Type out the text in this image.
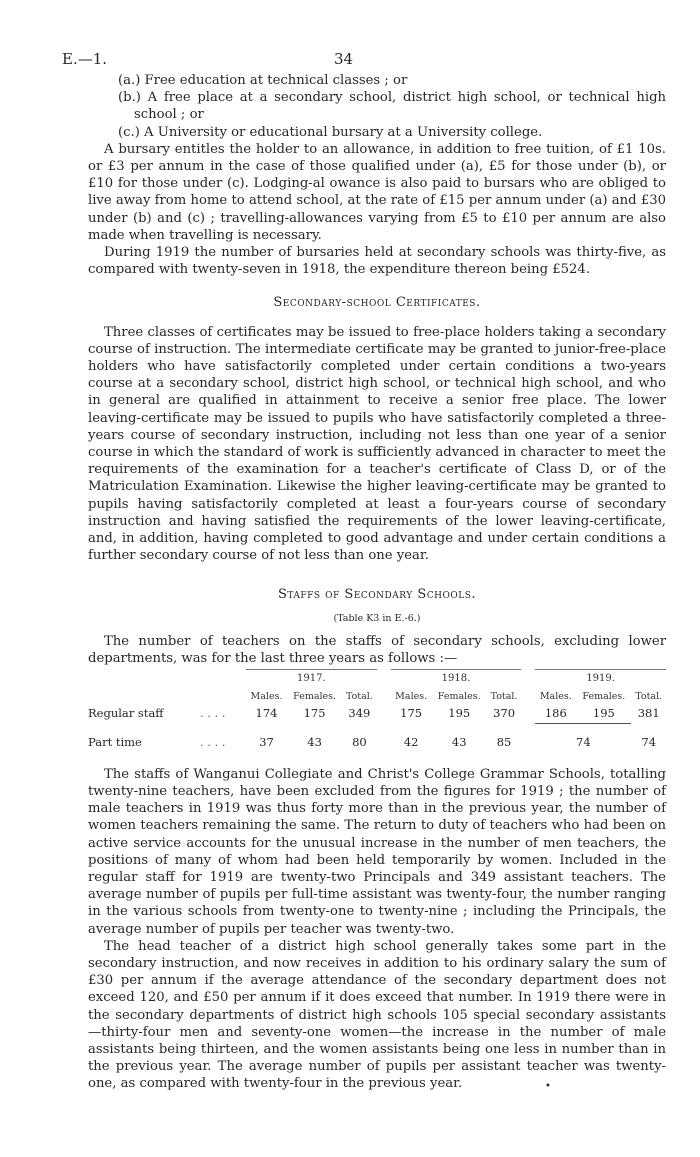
E.—1.	34

(a.) Free education at technical classes ; or

(b.) A free place at a secondary school, district high school, or technical high school ; or

(c.) A University or educational bursary at a University college.

A bursary entitles the holder to an allowance, in addition to free tuition, of £1 10s. or £3 per annum in the case of those qualified under (a), £5 for those under (b), or £10 for those under (c). Lodging-al owance is also paid to bursars who are obliged to live away from home to attend school, at the rate of £15 per annum under (a) and £30 under (b) and (c) ; travelling-allowances varying from £5 to £10 per annum are also made when travelling is necessary.

During 1919 the number of bursaries held at secondary schools was thirty-five, as compared with twenty-seven in 1918, the expenditure thereon being £524.

Secondary-school Certificates.

Three classes of certificates may be issued to free-place holders taking a secondary course of instruction. The intermediate certificate may be granted to junior-free-place holders who have satisfactorily completed under certain conditions a two-years course at a secondary school, district high school, or technical high school, and who in general are qualified in attainment to receive a senior free place. The lower leaving-certificate may be issued to pupils who have satisfactorily completed a three-years course of secondary instruction, including not less than one year of a senior course in which the standard of work is sufficiently advanced in character to meet the requirements of the examination for a teacher's certificate of Class D, or of the Matriculation Examination. Likewise the higher leaving-certificate may be granted to pupils having satisfactorily completed at least a four-years course of secondary instruction and having satisfied the requirements of the lower leaving-certificate, and, in addition, having completed to good advantage and under certain conditions a further secondary course of not less than one year.

Staffs of Secondary Schools.

(Table K3 in E.-6.)

The number of teachers on the staffs of secondary schools, excluding lower departments, was for the last three years as follows :—

		1917.				1918.				1919.		
		Males.	Females.	Total.		Males.	Females.	Total.		Males.	Females.	Total.
Regular staff	. . . .	174	175	349		175	195	370		186	195	381

Part time	. . . .	37	43	80		42	43	85		74		74

The staffs of Wanganui Collegiate and Christ's College Grammar Schools, totalling twenty-nine teachers, have been excluded from the figures for 1919 ; the number of male teachers in 1919 was thus forty more than in the previous year, the number of women teachers remaining the same. The return to duty of teachers who had been on active service accounts for the unusual increase in the number of men teachers, the positions of many of whom had been held temporarily by women. Included in the regular staff for 1919 are twenty-two Principals and 349 assistant teachers. The average number of pupils per full-time assistant was twenty-four, the number ranging in the various schools from twenty-one to twenty-nine ; including the Principals, the average number of pupils per teacher was twenty-two.

The head teacher of a district high school generally takes some part in the secondary instruction, and now receives in addition to his ordinary salary the sum of £30 per annum if the average attendance of the secondary department does not exceed 120, and £50 per annum if it does exceed that number. In 1919 there were in the secondary departments of district high schools 105 special secondary assistants —thirty-four men and seventy-one women—the increase in the number of male assistants being thirteen, and the women assistants being one less in number than in the previous year. The average number of pupils per assistant teacher was twenty-one, as compared with twenty-four in the previous year.	•
